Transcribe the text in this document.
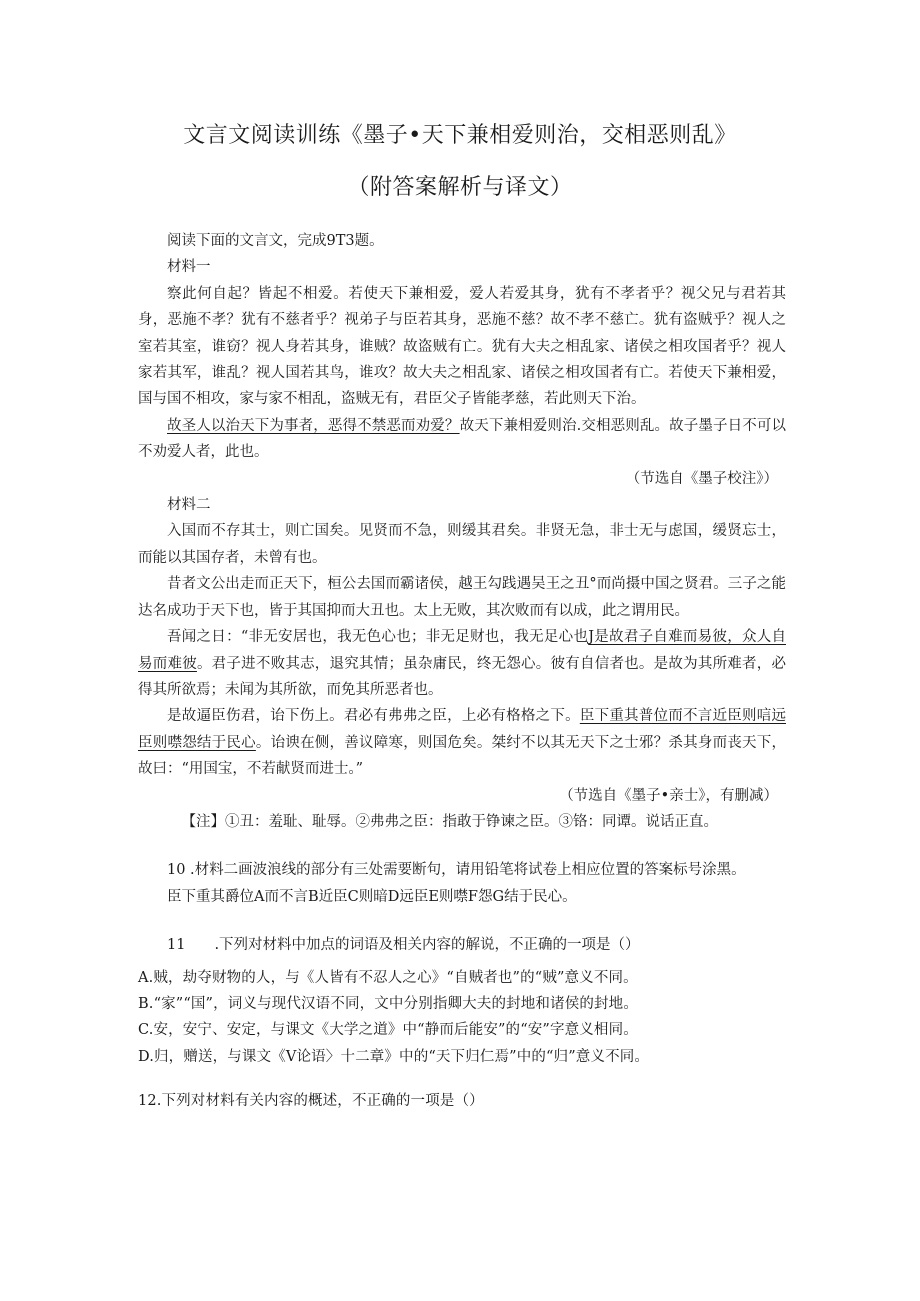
文言文阅读训练《墨子•天下兼相爱则治，交相恶则乱》
（附答案解析与译文）

阅读下面的文言文，完成9T3题。

材料一

察此何自起？皆起不相爱。若使天下兼相爱，爱人若爱其身，犹有不孝者乎？视父兄与君若其身，恶施不孝？犹有不慈者乎？视弟子与臣若其身，恶施不慈？故不孝不慈亡。犹有盗贼乎？视人之室若其室，谁窃？视人身若其身，谁贼？故盗贼有亡。犹有大夫之相乱家、诸侯之相攻国者乎？视人家若其军，谁乱？视人国若其鸟，谁攻？故大夫之相乱家、诸侯之相攻国者有亡。若使天下兼相爱，国与国不相攻，家与家不相乱，盗贼无有，君臣父子皆能孝慈，若此则天下治。

故圣人以治天下为事者，恶得不禁恶而劝爱？故天下兼相爱则治.交相恶则乱。故子墨子日不可以不劝爱人者，此也。

（节选自《墨子校注》）

材料二

入国而不存其士，则亡国矣。见贤而不急，则缓其君矣。非贤无急，非士无与虑国，缓贤忘士，而能以其国存者，未曾有也。

昔者文公出走而正天下，桓公去国而霸诸侯，越王勾践遇吴王之丑°而尚摄中国之贤君。三子之能达名成功于天下也，皆于其国抑而大丑也。太上无败，其次败而有以成，此之谓用民。

吾闻之日：“非无安居也，我无色心也；非无足财也，我无足心也J是故君子自难而易彼，众人自易而难彼。君子进不败其志，退究其情；虽杂庸民，终无怨心。彼有自信者也。是故为其所难者，必得其所欲焉；未闻为其所欲，而免其所恶者也。

是故逼臣伤君，诒下伤上。君必有弗弗之臣，上必有格格之下。臣下重其普位而不言近臣则唁远臣则噤怨结于民心。诒谀在侧，善议障寒，则国危矣。桀纣不以其无天下之士邪？杀其身而丧天下，故曰：“用国宝，不若献贤而进士。”

（节选自《墨子•亲士》，有删减）

【注】①丑：羞耻、耻辱。②弗弗之臣：指敢于铮谏之臣。③铬：同谭。说话正直。

10 .材料二画波浪线的部分有三处需要断句，请用铅笔将试卷上相应位置的答案标号涂黑。

臣下重其爵位A而不言B近臣C则暗D远臣E则噤F怨G结于民心。

11　　.下列对材料中加点的词语及相关内容的解说，不正确的一项是（）

A.贼，劫夺财物的人，与《人皆有不忍人之心》“自贼者也”的“贼”意义不同。

B.“家”“国”，词义与现代汉语不同，文中分别指卿大夫的封地和诸侯的封地。

C.安，安宁、安定，与课文《大学之道》中“静而后能安”的“安”字意义相同。

D.归，赠送，与课文《V论语〉十二章》中的“天下归仁焉”中的“归”意义不同。

12.下列对材料有关内容的概述，不正确的一项是（）
